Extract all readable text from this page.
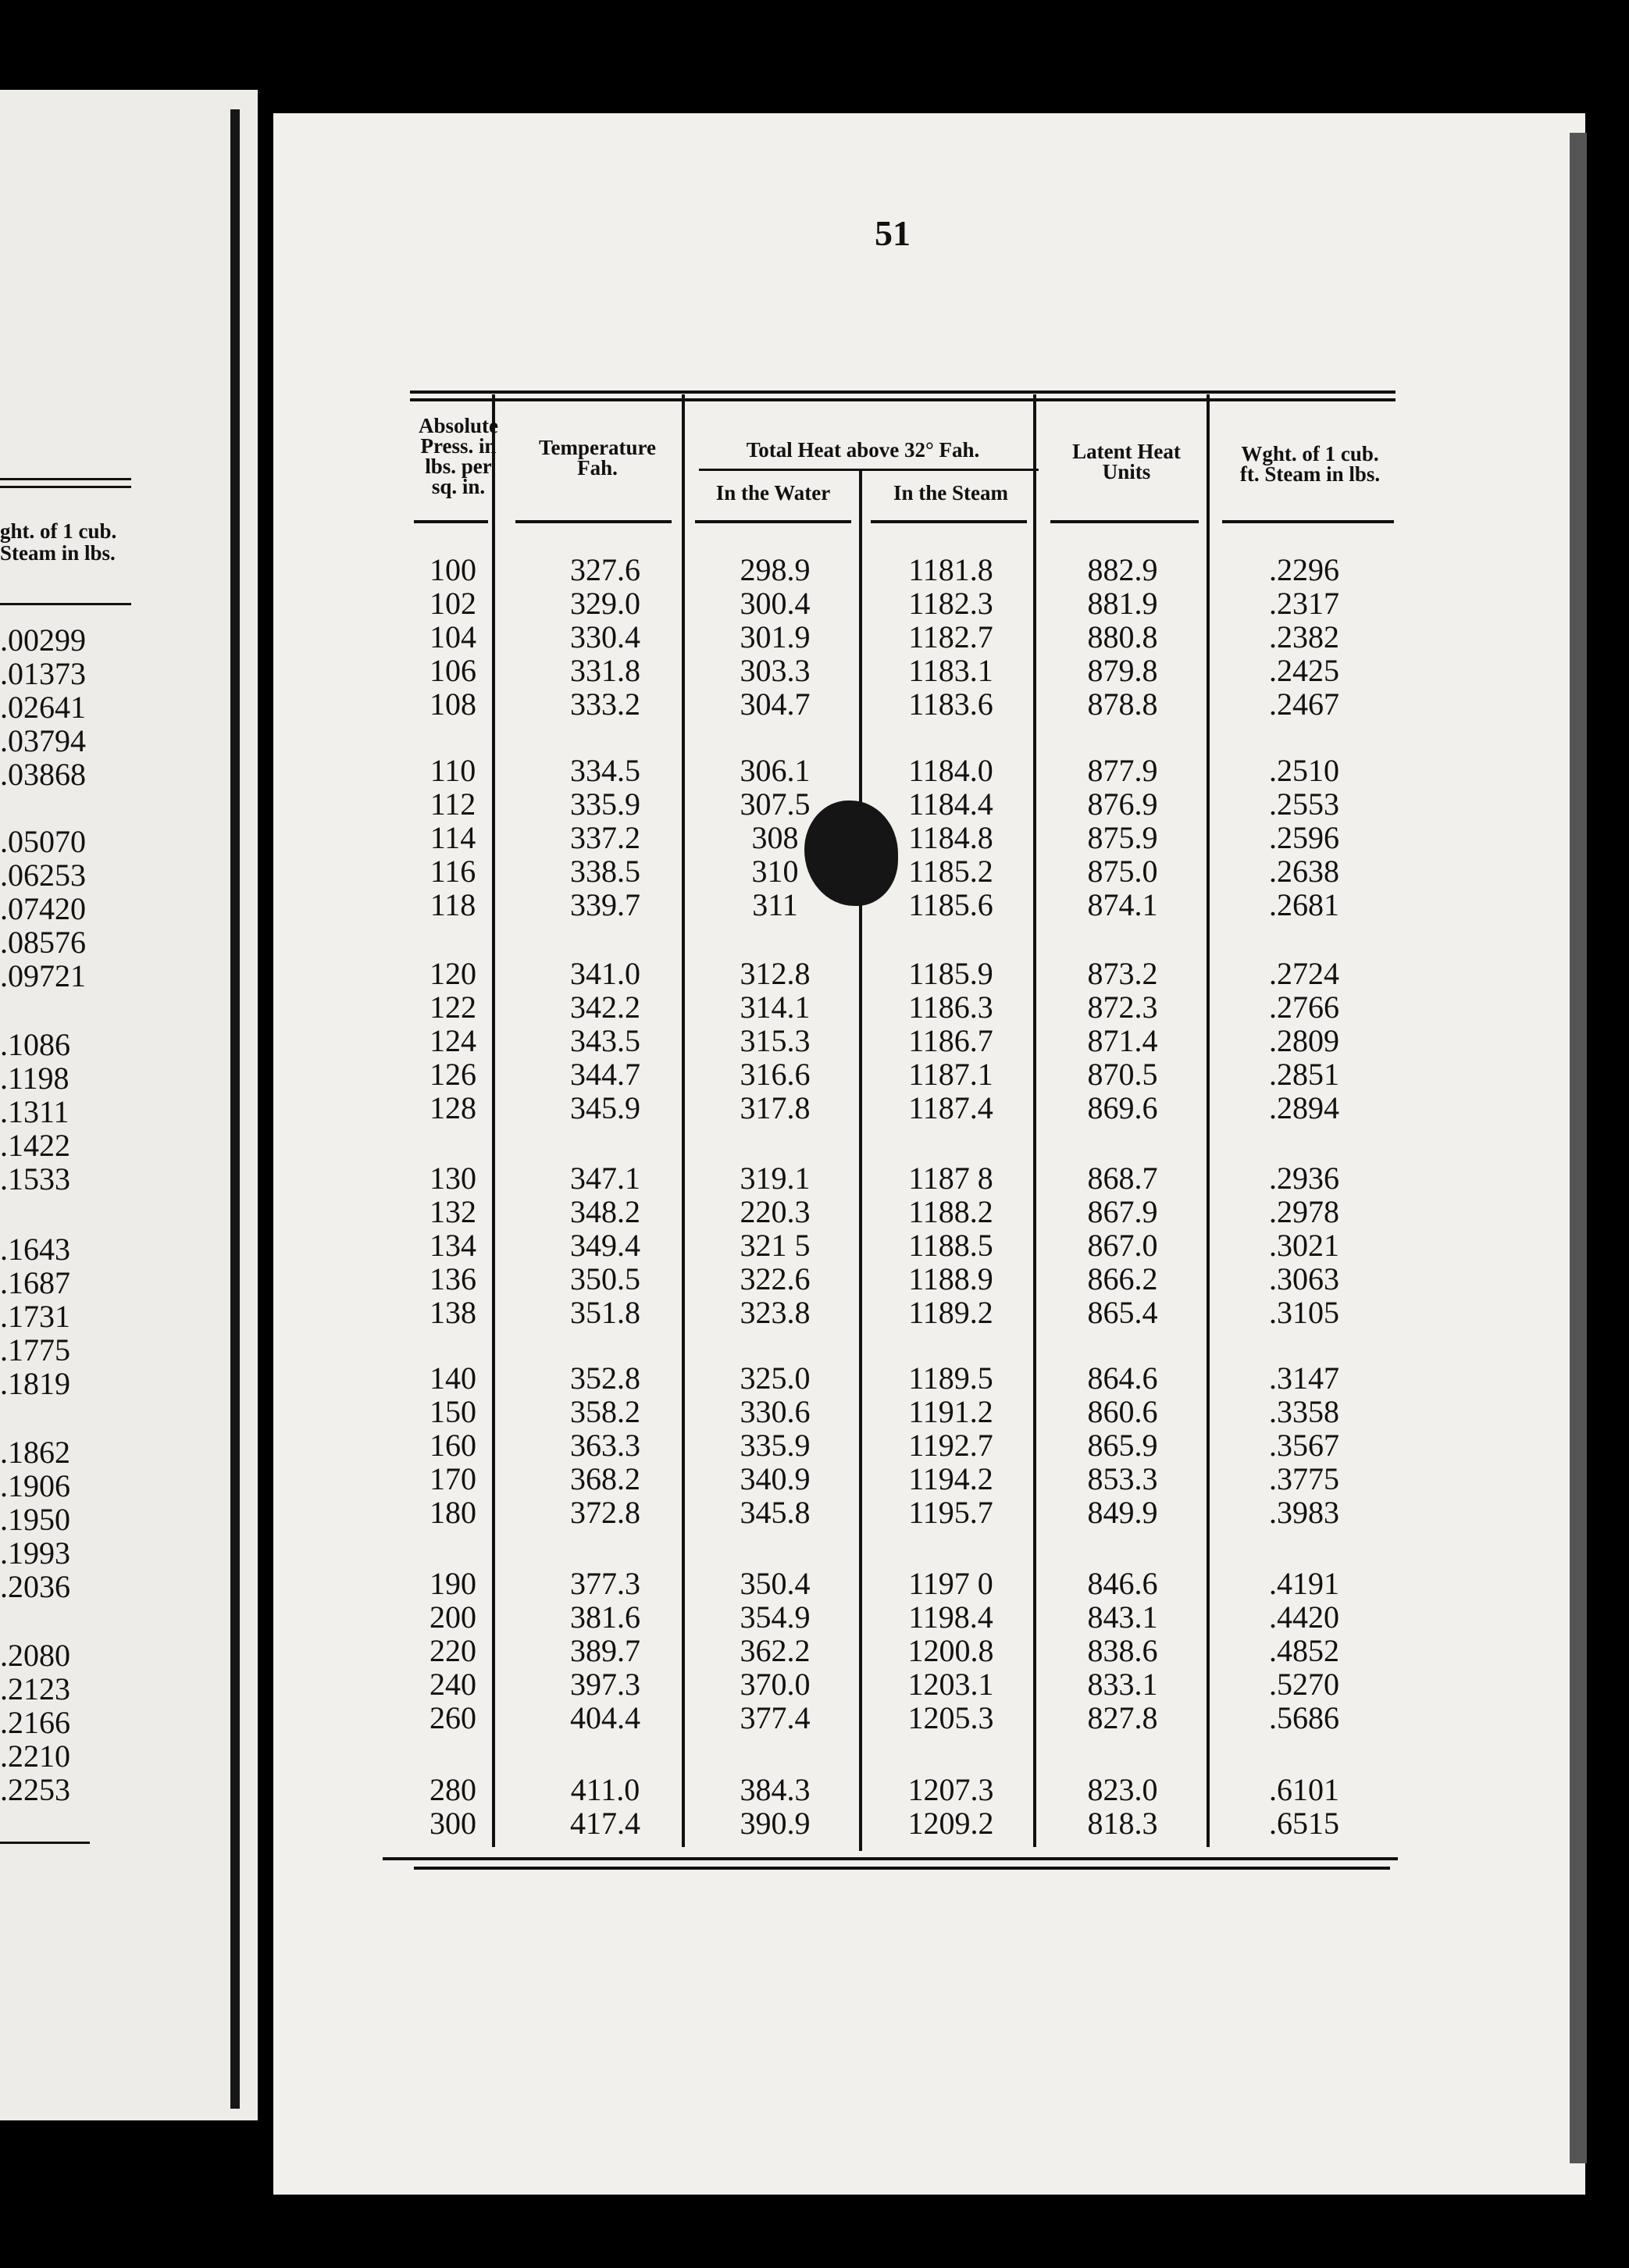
ght. of 1 cub.
Steam in lbs.
.00299
.01373
.02641
.03794
.03868
.05070
.06253
.07420
.08576
.09721
.1086
.1198
.1311
.1422
.1533
.1643
.1687
.1731
.1775
.1819
.1862
.1906
.1950
.1993
.2036
.2080
.2123
.2166
.2210
.2253
51
Absolute
Press. in
lbs. per
sq. in.
Temperature
Fah.
Total Heat above 32° Fah.
In the Water	In the Steam
Latent Heat
Units
Wght. of 1 cub.
ft. Steam in lbs.
100	327.6	298.9	1181.8	882.9	.2296
102	329.0	300.4	1182.3	881.9	.2317
104	330.4	301.9	1182.7	880.8	.2382
106	331.8	303.3	1183.1	879.8	.2425
108	333.2	304.7	1183.6	878.8	.2467
110	334.5	306.1	1184.0	877.9	.2510
112	335.9	307.5	1184.4	876.9	.2553
114	337.2	308	1184.8	875.9	.2596
116	338.5	310	1185.2	875.0	.2638
118	339.7	311	1185.6	874.1	.2681
120	341.0	312.8	1185.9	873.2	.2724
122	342.2	314.1	1186.3	872.3	.2766
124	343.5	315.3	1186.7	871.4	.2809
126	344.7	316.6	1187.1	870.5	.2851
128	345.9	317.8	1187.4	869.6	.2894
130	347.1	319.1	1187 8	868.7	.2936
132	348.2	220.3	1188.2	867.9	.2978
134	349.4	321 5	1188.5	867.0	.3021
136	350.5	322.6	1188.9	866.2	.3063
138	351.8	323.8	1189.2	865.4	.3105
140	352.8	325.0	1189.5	864.6	.3147
150	358.2	330.6	1191.2	860.6	.3358
160	363.3	335.9	1192.7	865.9	.3567
170	368.2	340.9	1194.2	853.3	.3775
180	372.8	345.8	1195.7	849.9	.3983
190	377.3	350.4	1197 0	846.6	.4191
200	381.6	354.9	1198.4	843.1	.4420
220	389.7	362.2	1200.8	838.6	.4852
240	397.3	370.0	1203.1	833.1	.5270
260	404.4	377.4	1205.3	827.8	.5686
280	411.0	384.3	1207.3	823.0	.6101
300	417.4	390.9	1209.2	818.3	.6515
